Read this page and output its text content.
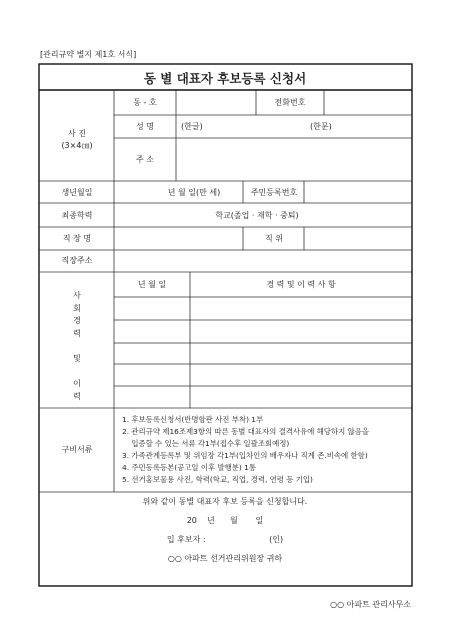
[관리규약 별지 제1호 서식]
동 별 대표자 후보등록 신청서
사 진
(3×4㎝)
동 - 호	전화번호
성 명	(한글)	(한문)
주 소
생년월일	년 월 일(만 세)	주민등록번호
최종학력	학교(졸업 · 재학 · 중퇴)
직 장 명	직 위
직장주소
사
회
경
력
및
이
력
년 월 일	경 력 및 이 력 사 항
구비서류
1. 후보등록신청서(반명함판 사진 부착) 1부
2. 관리규약 제16조제3항의 따른 동별 대표자의 결격사유에 해당하지 않음을
입증할 수 있는 서류 각1부(접수후 일괄조회예정)
3. 가족관계등록부 및 위임장 각1부(입차인의 배우자나 직계 존.비속에 한함)
4. 주민등록등본(공고일 이후 발행분) 1통
5. 선거홍보물용 사진, 학력(학교, 직업, 경력, 연령 등 기입)
위와 같이 동별 대표자 후보 등록을 신청합니다.
20    년      월       일
입 후보자 :                         (인)
○○ 아파트 선거관리위원장 귀하
○○ 아파트 관리사무소
